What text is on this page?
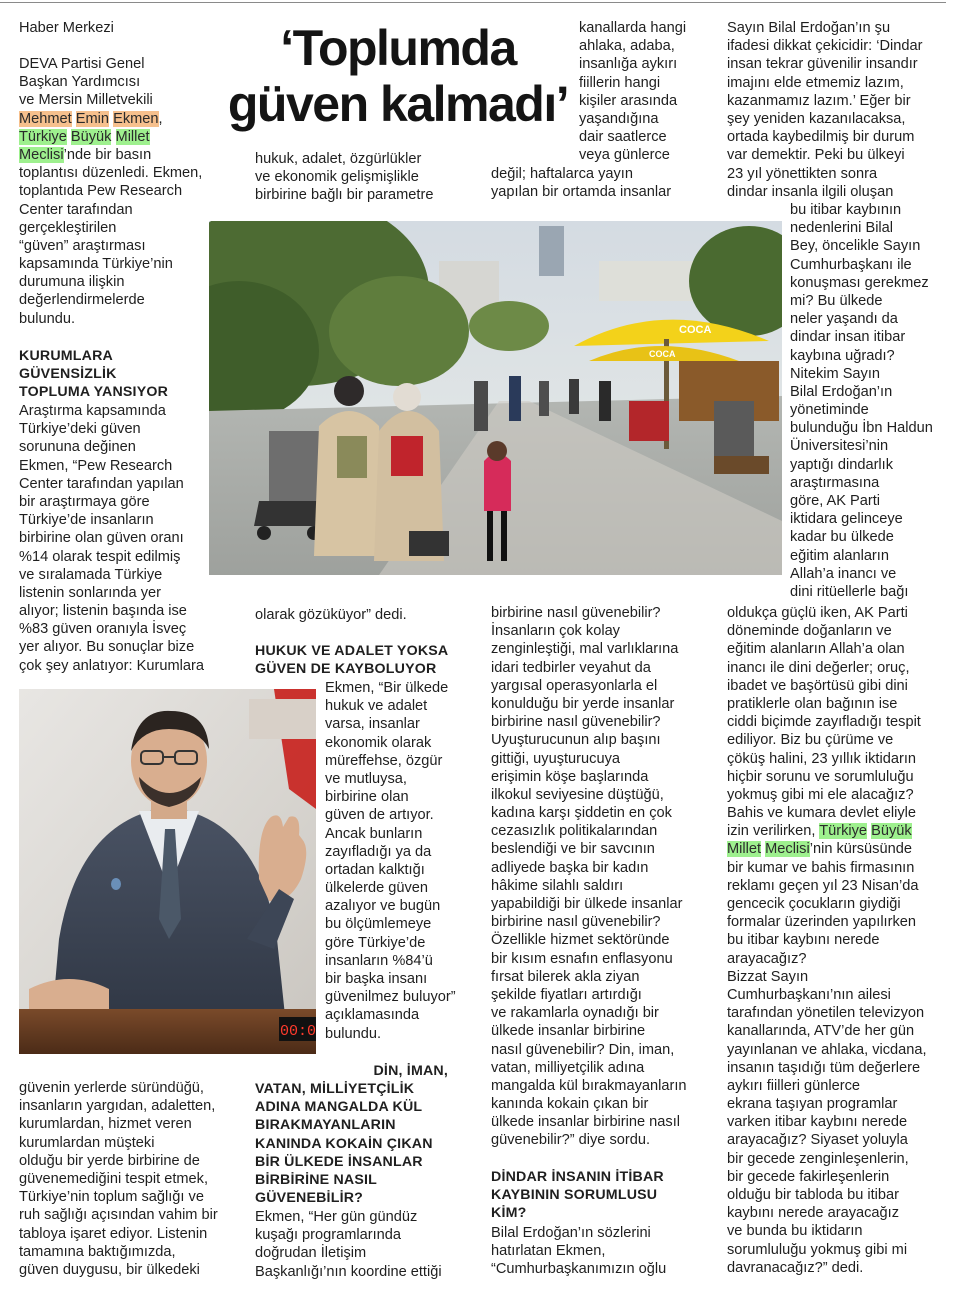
‘Toplumda
güven kalmadı’
Haber Merkezi
DEVA Partisi Genel
Başkan Yardımcısı
ve Mersin Milletvekili
Mehmet Emin Ekmen,
Türkiye Büyük Millet
Meclisi’nde bir basın
toplantısı düzenledi. Ekmen,
toplantıda Pew Research
Center tarafından
gerçekleştirilen
“güven” araştırması
kapsamında Türkiye’nin
durumuna ilişkin
değerlendirmelerde
bulundu.
KURUMLARA
GÜVENSİZLİK
TOPLUMA YANSIYOR
Araştırma kapsamında
Türkiye’deki güven
sorununa değinen
Ekmen, “Pew Research
Center tarafından yapılan
bir araştırmaya göre
Türkiye’de insanların
birbirine olan güven oranı
%14 olarak tespit edilmiş
ve sıralamada Türkiye
listenin sonlarında yer
alıyor; listenin başında ise
%83 güven oranıyla İsveç
yer alıyor. Bu sonuçlar bize
çok şey anlatıyor: Kurumlara
00:0
güvenin yerlerde süründüğü,
insanların yargıdan, adaletten,
kurumlardan, hizmet veren
kurumlardan müşteki
olduğu bir yerde birbirine de
güvenemediğini tespit etmek,
Türkiye’nin toplum sağlığı ve
ruh sağlığı açısından vahim bir
tabloya işaret ediyor. Listenin
tamamına baktığımızda,
güven duygusu, bir ülkedeki
hukuk, adalet, özgürlükler
ve ekonomik gelişmişlikle
birbirine bağlı bir parametre
COCA
COCA
olarak gözüküyor” dedi.
HUKUK VE ADALET YOKSA
GÜVEN DE KAYBOLUYOR
Ekmen, “Bir ülkede
hukuk ve adalet
varsa, insanlar
ekonomik olarak
müreffehse, özgür
ve mutluysa,
birbirine olan
güven de artıyor.
Ancak bunların
zayıfladığı ya da
ortadan kalktığı
ülkelerde güven
azalıyor ve bugün
bu ölçümlemeye
göre Türkiye’de
insanların %84’ü
bir başka insanı
güvenilmez buluyor”
açıklamasında
bulundu.
DİN, İMAN,
VATAN, MİLLİYETÇİLİK
ADINA MANGALDA KÜL
BIRAKMAYANLARIN
KANINDA KOKAİN ÇIKAN
BİR ÜLKEDE İNSANLAR
BİRBİRİNE NASIL
GÜVENEBİLİR?
Ekmen, “Her gün gündüz
kuşağı programlarında
doğrudan İletişim
Başkanlığı’nın koordine ettiği
kanallarda hangi
ahlaka, adaba,
insanlığa aykırı
fiillerin hangi
kişiler arasında
yaşandığına
dair saatlerce
veya günlerce
değil; haftalarca yayın
yapılan bir ortamda insanlar
birbirine nasıl güvenebilir?
İnsanların çok kolay
zenginleştiği, mal varlıklarına
idari tedbirler veyahut da
yargısal operasyonlarla el
konulduğu bir yerde insanlar
birbirine nasıl güvenebilir?
Uyuşturucunun alıp başını
gittiği, uyuşturucuya
erişimin köşe başlarında
ilkokul seviyesine düştüğü,
kadına karşı şiddetin en çok
cezasızlık politikalarından
beslendiği ve bir savcının
adliyede başka bir kadın
hâkime silahlı saldırı
yapabildiği bir ülkede insanlar
birbirine nasıl güvenebilir?
Özellikle hizmet sektöründe
bir kısım esnafın enflasyonu
fırsat bilerek akla ziyan
şekilde fiyatları artırdığı
ve rakamlarla oynadığı bir
ülkede insanlar birbirine
nasıl güvenebilir? Din, iman,
vatan, milliyetçilik adına
mangalda kül bırakmayanların
kanında kokain çıkan bir
ülkede insanlar birbirine nasıl
güvenebilir?” diye sordu.
DİNDAR İNSANIN İTİBAR
KAYBININ SORUMLUSU
KİM?
Bilal Erdoğan’ın sözlerini
hatırlatan Ekmen,
“Cumhurbaşkanımızın oğlu
Sayın Bilal Erdoğan’ın şu
ifadesi dikkat çekicidir: ‘Dindar
insan tekrar güvenilir insandır
imajını elde etmemiz lazım,
kazanmamız lazım.’ Eğer bir
şey yeniden kazanılacaksa,
ortada kaybedilmiş bir durum
var demektir. Peki bu ülkeyi
23 yıl yönettikten sonra
dindar insanla ilgili oluşan
bu itibar kaybının
nedenlerini Bilal
Bey, öncelikle Sayın
Cumhurbaşkanı ile
konuşması gerekmez
mi? Bu ülkede
neler yaşandı da
dindar insan itibar
kaybına uğradı?
Nitekim Sayın
Bilal Erdoğan’ın
yönetiminde
bulunduğu İbn Haldun
Üniversitesi’nin
yaptığı dindarlık
araştırmasına
göre, AK Parti
iktidara gelinceye
kadar bu ülkede
eğitim alanların
Allah’a inancı ve
dini ritüellerle bağı
oldukça güçlü iken, AK Parti
döneminde doğanların ve
eğitim alanların Allah’a olan
inancı ile dini değerler; oruç,
ibadet ve başörtüsü gibi dini
pratiklerle olan bağının ise
ciddi biçimde zayıfladığı tespit
ediliyor. Biz bu çürüme ve
çöküş halini, 23 yıllık iktidarın
hiçbir sorunu ve sorumluluğu
yokmuş gibi mi ele alacağız?
Bahis ve kumara devlet eliyle
izin verilirken, Türkiye Büyük
Millet Meclisi’nin kürsüsünde
bir kumar ve bahis firmasının
reklamı geçen yıl 23 Nisan’da
gencecik çocukların giydiği
formalar üzerinden yapılırken
bu itibar kaybını nerede
arayacağız?
Bizzat Sayın
Cumhurbaşkanı’nın ailesi
tarafından yönetilen televizyon
kanallarında, ATV’de her gün
yayınlanan ve ahlaka, vicdana,
insanın taşıdığı tüm değerlere
aykırı fiilleri günlerce
ekrana taşıyan programlar
varken itibar kaybını nerede
arayacağız? Siyaset yoluyla
bir gecede zenginleşenlerin,
bir gecede fakirleşenlerin
olduğu bir tabloda bu itibar
kaybını nerede arayacağız
ve bunda bu iktidarın
sorumluluğu yokmuş gibi mi
davranacağız?” dedi.
